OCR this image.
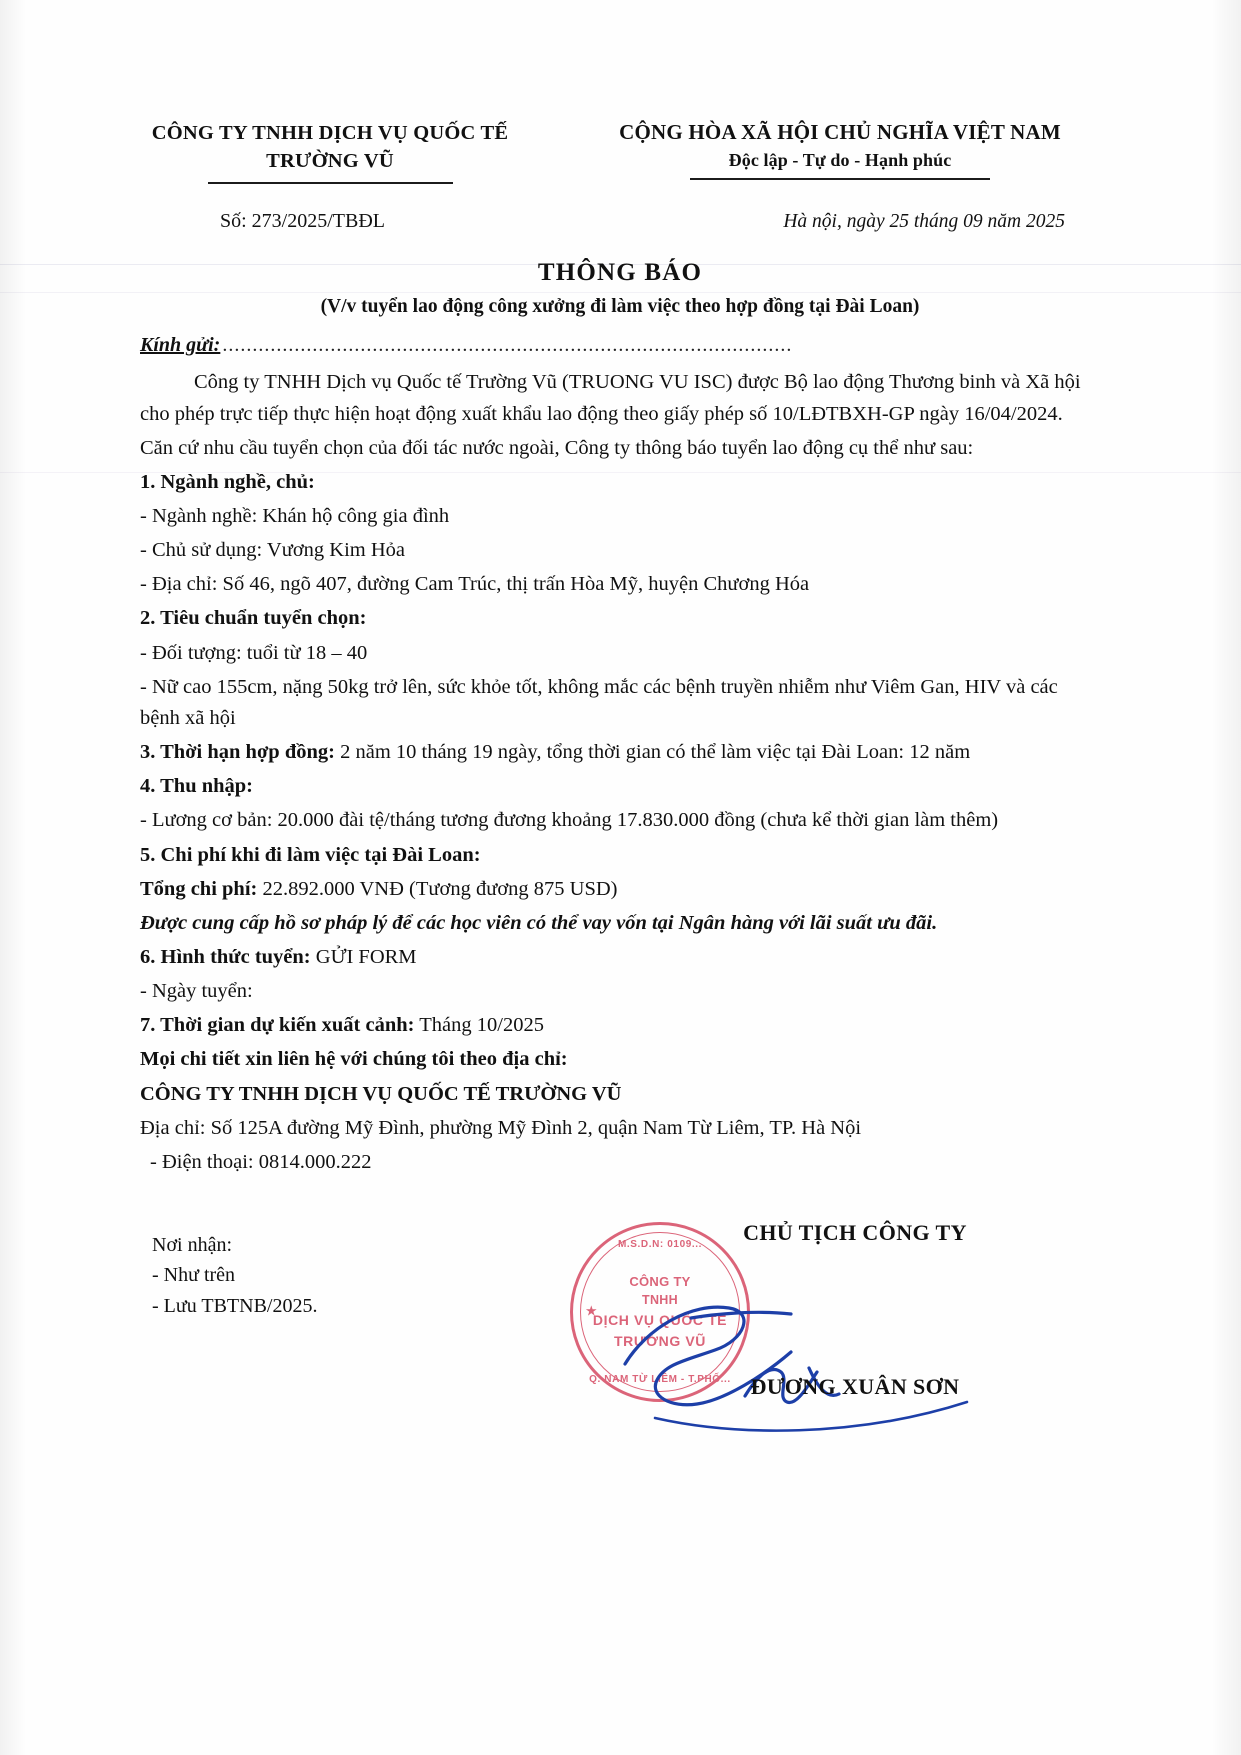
CÔNG TY TNHH DỊCH VỤ QUỐC TẾ
TRƯỜNG VŨ
CỘNG HÒA XÃ HỘI CHỦ NGHĨA VIỆT NAM
Độc lập - Tự do - Hạnh phúc
Số: 273/2025/TBĐL	Hà nội, ngày 25 tháng 09 năm 2025
THÔNG BÁO
(V/v tuyển lao động công xưởng đi làm việc theo hợp đồng tại Đài Loan)
Kính gửi: ...............................................................................................

Công ty TNHH Dịch vụ Quốc tế Trường Vũ (TRUONG VU ISC) được Bộ lao động Thương binh và Xã hội cho phép trực tiếp thực hiện hoạt động xuất khẩu lao động theo giấy phép số 10/LĐTBXH-GP ngày 16/04/2024.

Căn cứ nhu cầu tuyển chọn của đối tác nước ngoài, Công ty thông báo tuyển lao động cụ thể như sau:

1. Ngành nghề, chủ:

- Ngành nghề: Khán hộ công gia đình

- Chủ sử dụng: Vương Kim Hỏa

- Địa chỉ: Số 46, ngõ 407, đường Cam Trúc, thị trấn Hòa Mỹ, huyện Chương Hóa

2. Tiêu chuẩn tuyển chọn:

- Đối tượng: tuổi từ 18 – 40

- Nữ cao 155cm, nặng 50kg trở lên, sức khỏe tốt, không mắc các bệnh truyền nhiễm như Viêm Gan, HIV và các bệnh xã hội

3. Thời hạn hợp đồng: 2 năm 10 tháng 19 ngày, tổng thời gian có thể làm việc tại Đài Loan: 12 năm

4. Thu nhập:

- Lương cơ bản: 20.000 đài tệ/tháng tương đương khoảng 17.830.000 đồng (chưa kể thời gian làm thêm)

5. Chi phí khi đi làm việc tại Đài Loan:

Tổng chi phí: 22.892.000 VNĐ (Tương đương 875 USD)

Được cung cấp hồ sơ pháp lý để các học viên có thể vay vốn tại Ngân hàng với lãi suất ưu đãi.

6. Hình thức tuyển: GỬI FORM

- Ngày tuyển:

7. Thời gian dự kiến xuất cảnh: Tháng 10/2025

Mọi chi tiết xin liên hệ với chúng tôi theo địa chỉ:

CÔNG TY TNHH DỊCH VỤ QUỐC TẾ TRƯỜNG VŨ

Địa chỉ: Số 125A đường Mỹ Đình, phường Mỹ Đình 2, quận Nam Từ Liêm, TP. Hà Nội

- Điện thoại: 0814.000.222

Nơi nhận:
- Như trên
- Lưu TBTNB/2025.
M.S.D.N: 0109...
Q. NAM TỪ LIÊM - T.PHỐ...
★
CÔNG TY
TNHH
DỊCH VỤ QUỐC TẾ
TRƯỜNG VŨ
CHỦ TỊCH CÔNG TY
ĐƯƠNG XUÂN SƠN
